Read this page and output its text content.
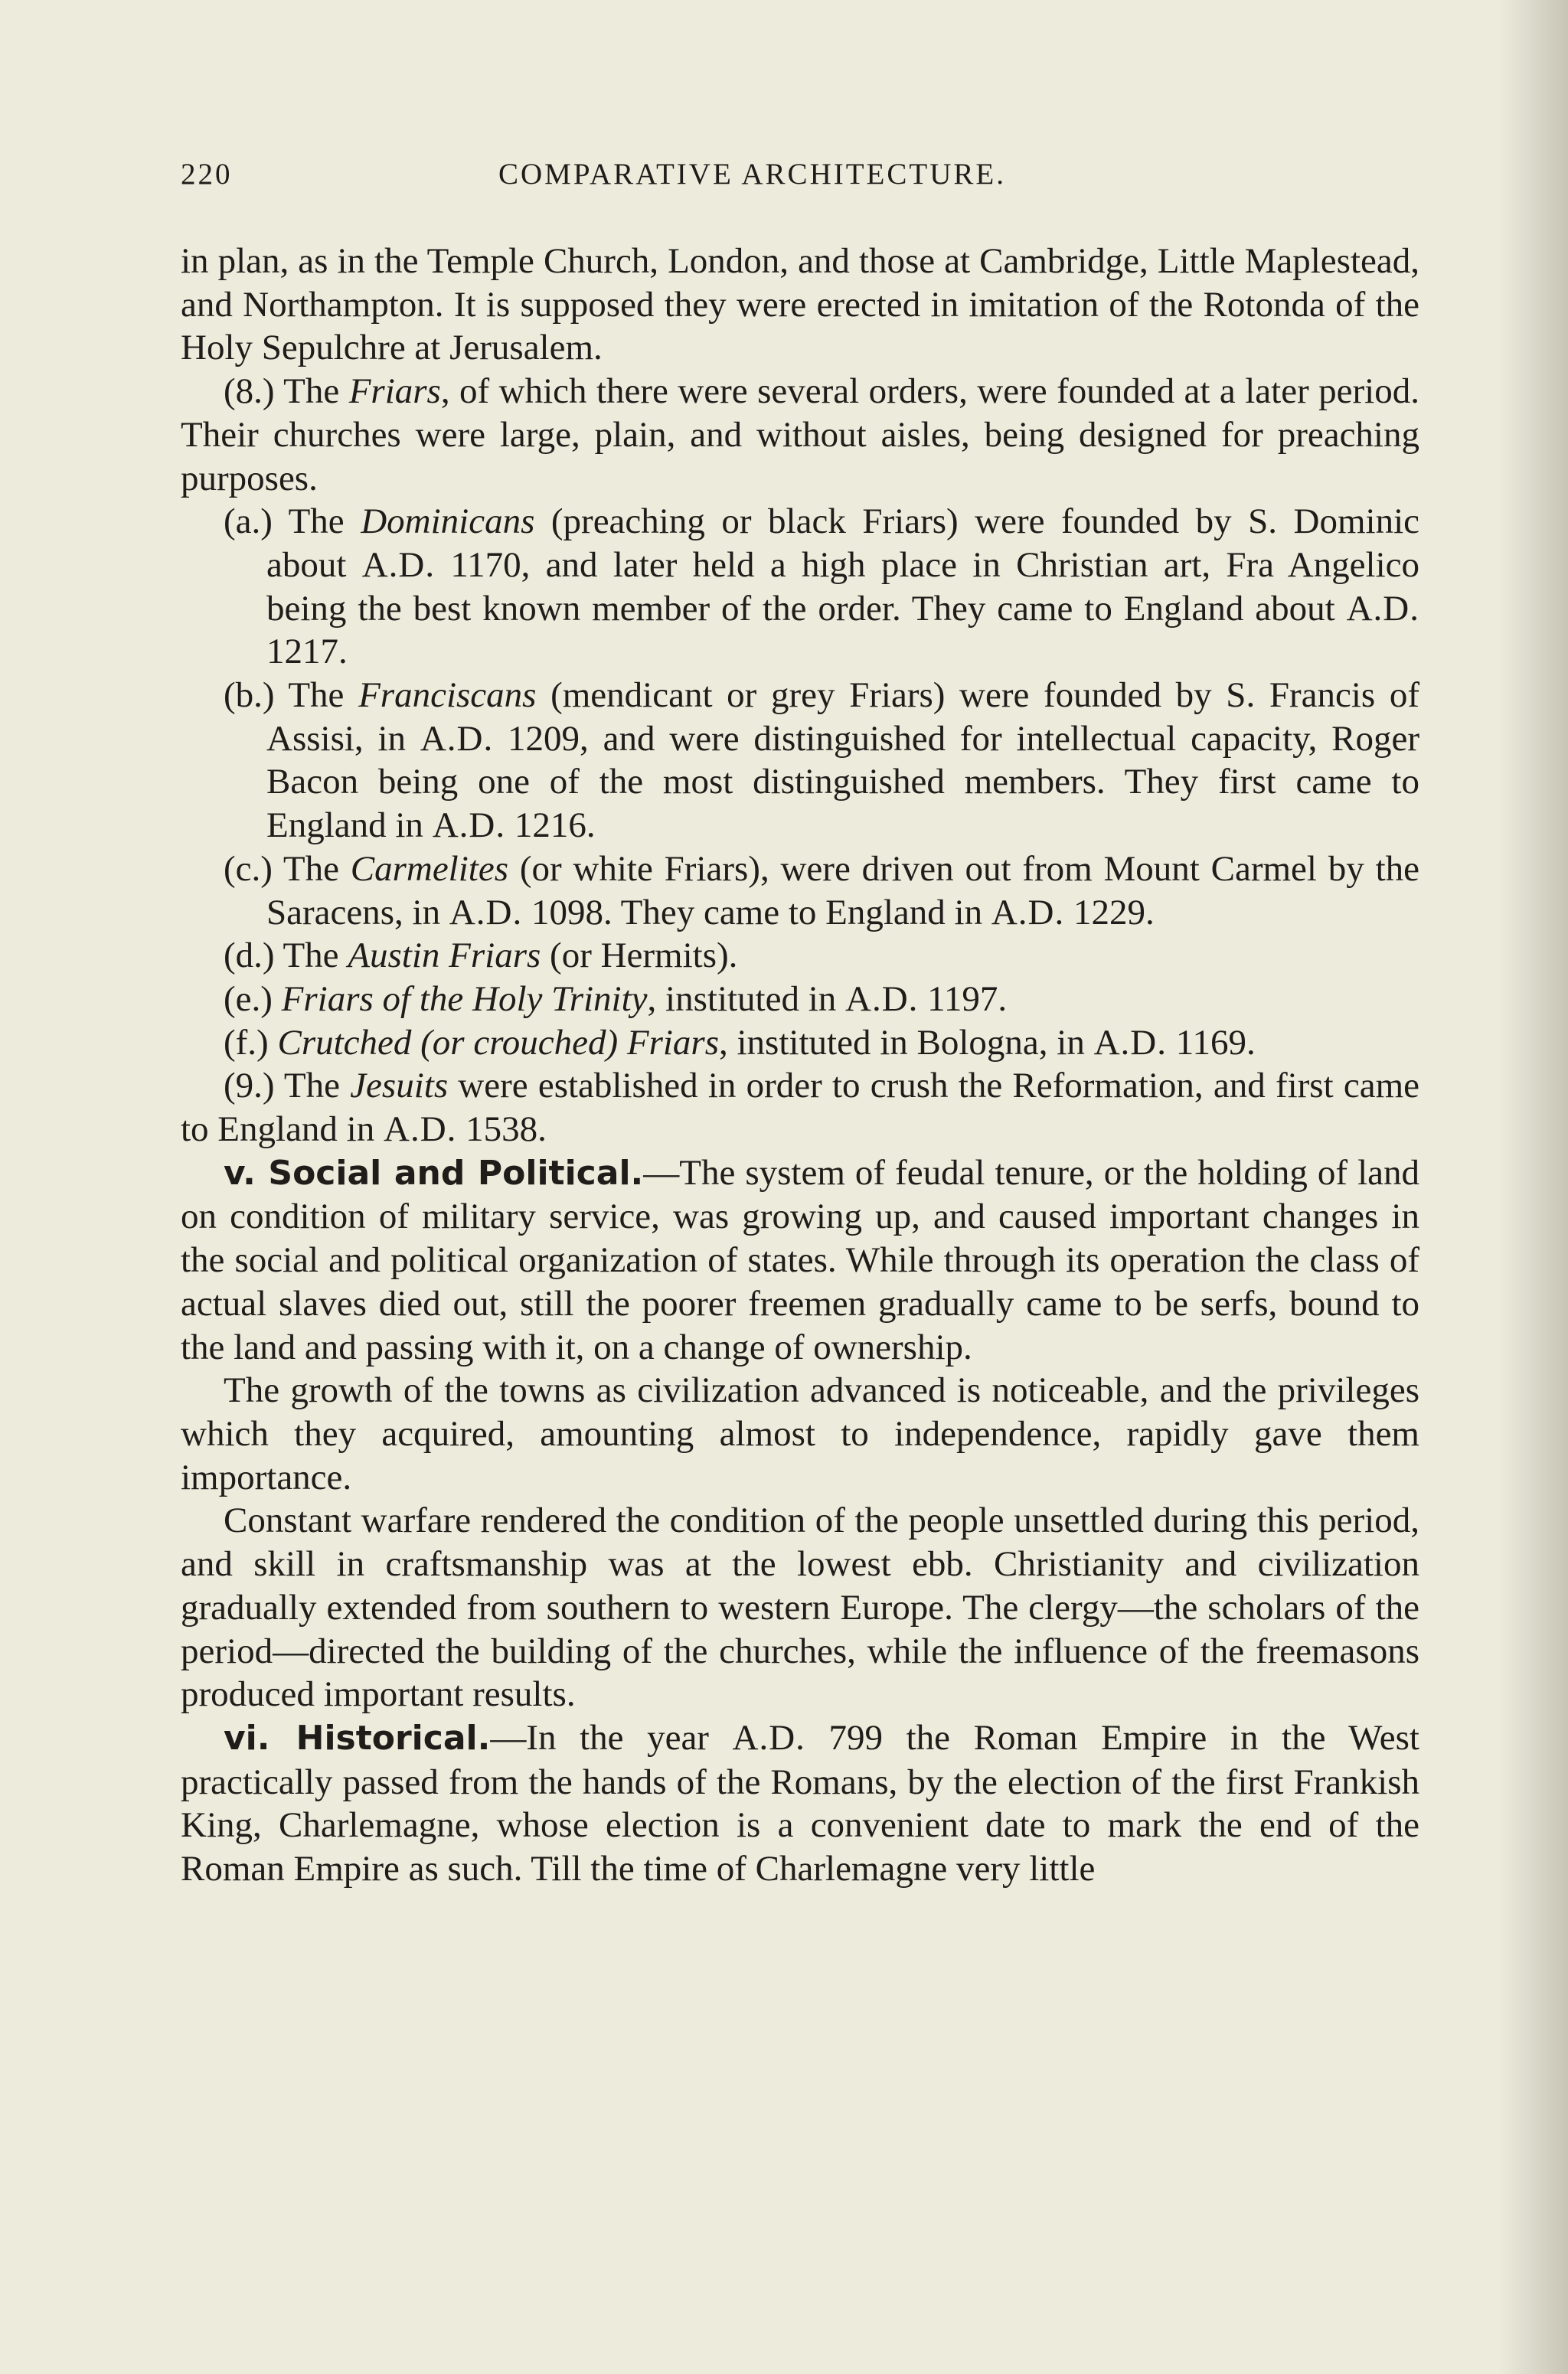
220	COMPARATIVE ARCHITECTURE.

in plan, as in the Temple Church, London, and those at Cambridge, Little Maplestead, and Northampton. It is supposed they were erected in imitation of the Rotonda of the Holy Sepulchre at Jerusalem.

(8.) The Friars, of which there were several orders, were founded at a later period. Their churches were large, plain, and without aisles, being designed for preaching purposes.

(a.) The Dominicans (preaching or black Friars) were founded by S. Dominic about A.D. 1170, and later held a high place in Christian art, Fra Angelico being the best known member of the order. They came to England about A.D. 1217.

(b.) The Franciscans (mendicant or grey Friars) were founded by S. Francis of Assisi, in A.D. 1209, and were distinguished for intellectual capacity, Roger Bacon being one of the most distinguished members. They first came to England in A.D. 1216.

(c.) The Carmelites (or white Friars), were driven out from Mount Carmel by the Saracens, in A.D. 1098. They came to England in A.D. 1229.

(d.) The Austin Friars (or Hermits).

(e.) Friars of the Holy Trinity, instituted in A.D. 1197.

(f.) Crutched (or crouched) Friars, instituted in Bologna, in A.D. 1169.

(9.) The Jesuits were established in order to crush the Reformation, and first came to England in A.D. 1538.

v. Social and Political.—The system of feudal tenure, or the holding of land on condition of military service, was growing up, and caused important changes in the social and political organization of states. While through its operation the class of actual slaves died out, still the poorer freemen gradually came to be serfs, bound to the land and passing with it, on a change of ownership.

The growth of the towns as civilization advanced is noticeable, and the privileges which they acquired, amounting almost to independence, rapidly gave them importance.

Constant warfare rendered the condition of the people unsettled during this period, and skill in craftsmanship was at the lowest ebb. Christianity and civilization gradually extended from southern to western Europe. The clergy—the scholars of the period—directed the building of the churches, while the influence of the freemasons produced important results.

vi. Historical.—In the year A.D. 799 the Roman Empire in the West practically passed from the hands of the Romans, by the election of the first Frankish King, Charlemagne, whose election is a convenient date to mark the end of the Roman Empire as such. Till the time of Charlemagne very little
